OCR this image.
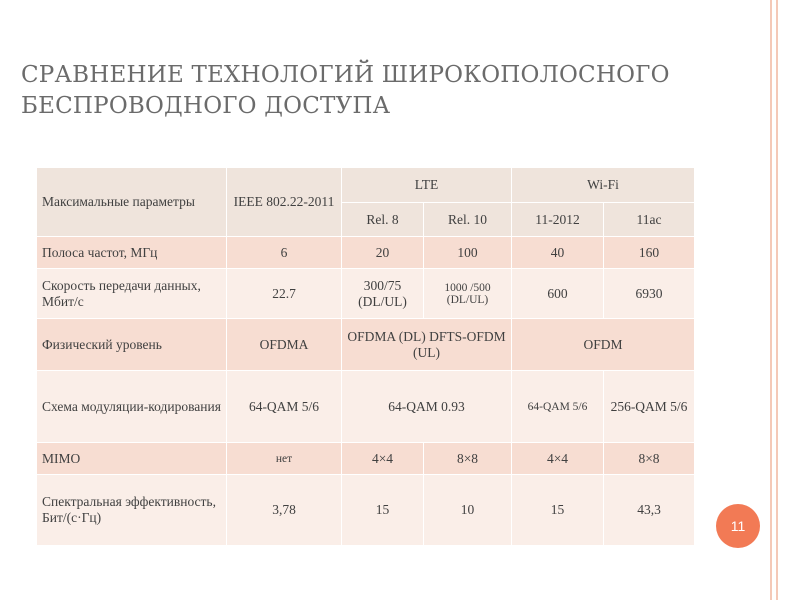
СРАВНЕНИЕ ТЕХНОЛОГИЙ ШИРОКОПОЛОСНОГО БЕСПРОВОДНОГО ДОСТУПА
Максимальные параметры	IEEE 802.22-2011	LTE		Wi-Fi	
		Rel. 8	Rel. 10	11-2012	11ac
Полоса частот, МГц	6	20	100	40	160
Скорость передачи данных, Мбит/с	22.7	300/75 (DL/UL)	1000 /500 (DL/UL)	600	6930
Физический уровень	OFDMA	OFDMA (DL) DFTS-OFDM (UL)		OFDM	
Схема модуляции-кодирования	64-QAM 5/6	64-QAM 0.93		64-QAM 5/6	256-QAM 5/6
MIMO	нет	4×4	8×8	4×4	8×8
Спектральная эффективность, Бит/(с·Гц)	3,78	15	10	15	43,3
11
